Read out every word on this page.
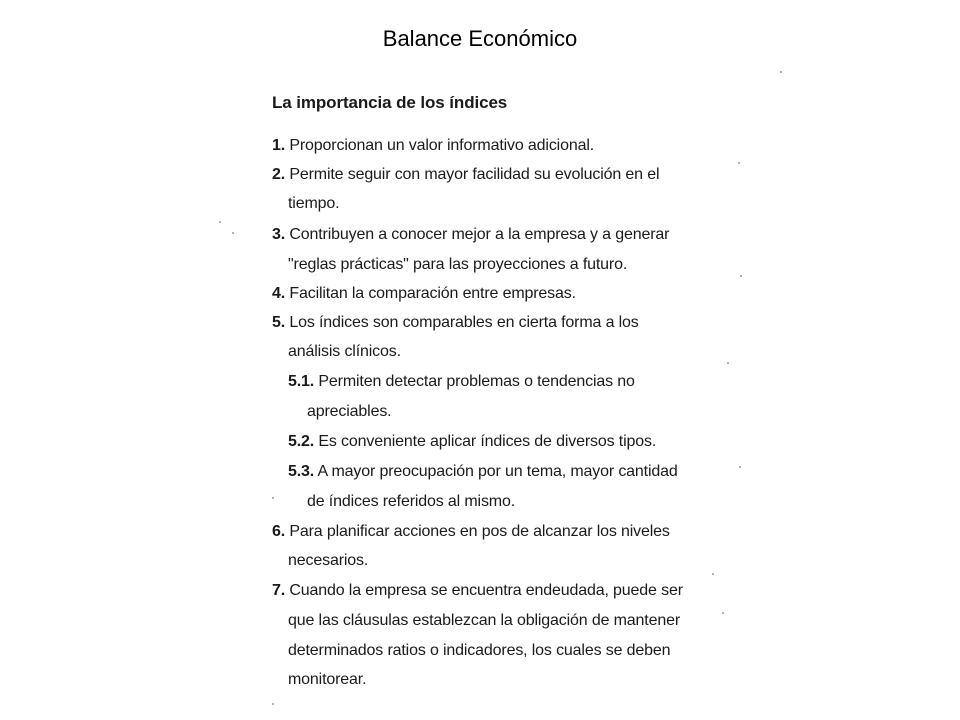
Balance Económico
La importancia de los índices
1. Proporcionan un valor informativo adicional.
2. Permite seguir con mayor facilidad su evolución en el
tiempo.
3. Contribuyen a conocer mejor a la empresa y a generar
"reglas prácticas" para las proyecciones a futuro.
4. Facilitan la comparación entre empresas.
5. Los índices son comparables en cierta forma a los
análisis clínicos.
5.1. Permiten detectar problemas o tendencias no
apreciables.
5.2. Es conveniente aplicar índices de diversos tipos.
5.3. A mayor preocupación por un tema, mayor cantidad
de índices referidos al mismo.
6. Para planificar acciones en pos de alcanzar los niveles
necesarios.
7. Cuando la empresa se encuentra endeudada, puede ser
que las cláusulas establezcan la obligación de mantener
determinados ratios o indicadores, los cuales se deben
monitorear.
